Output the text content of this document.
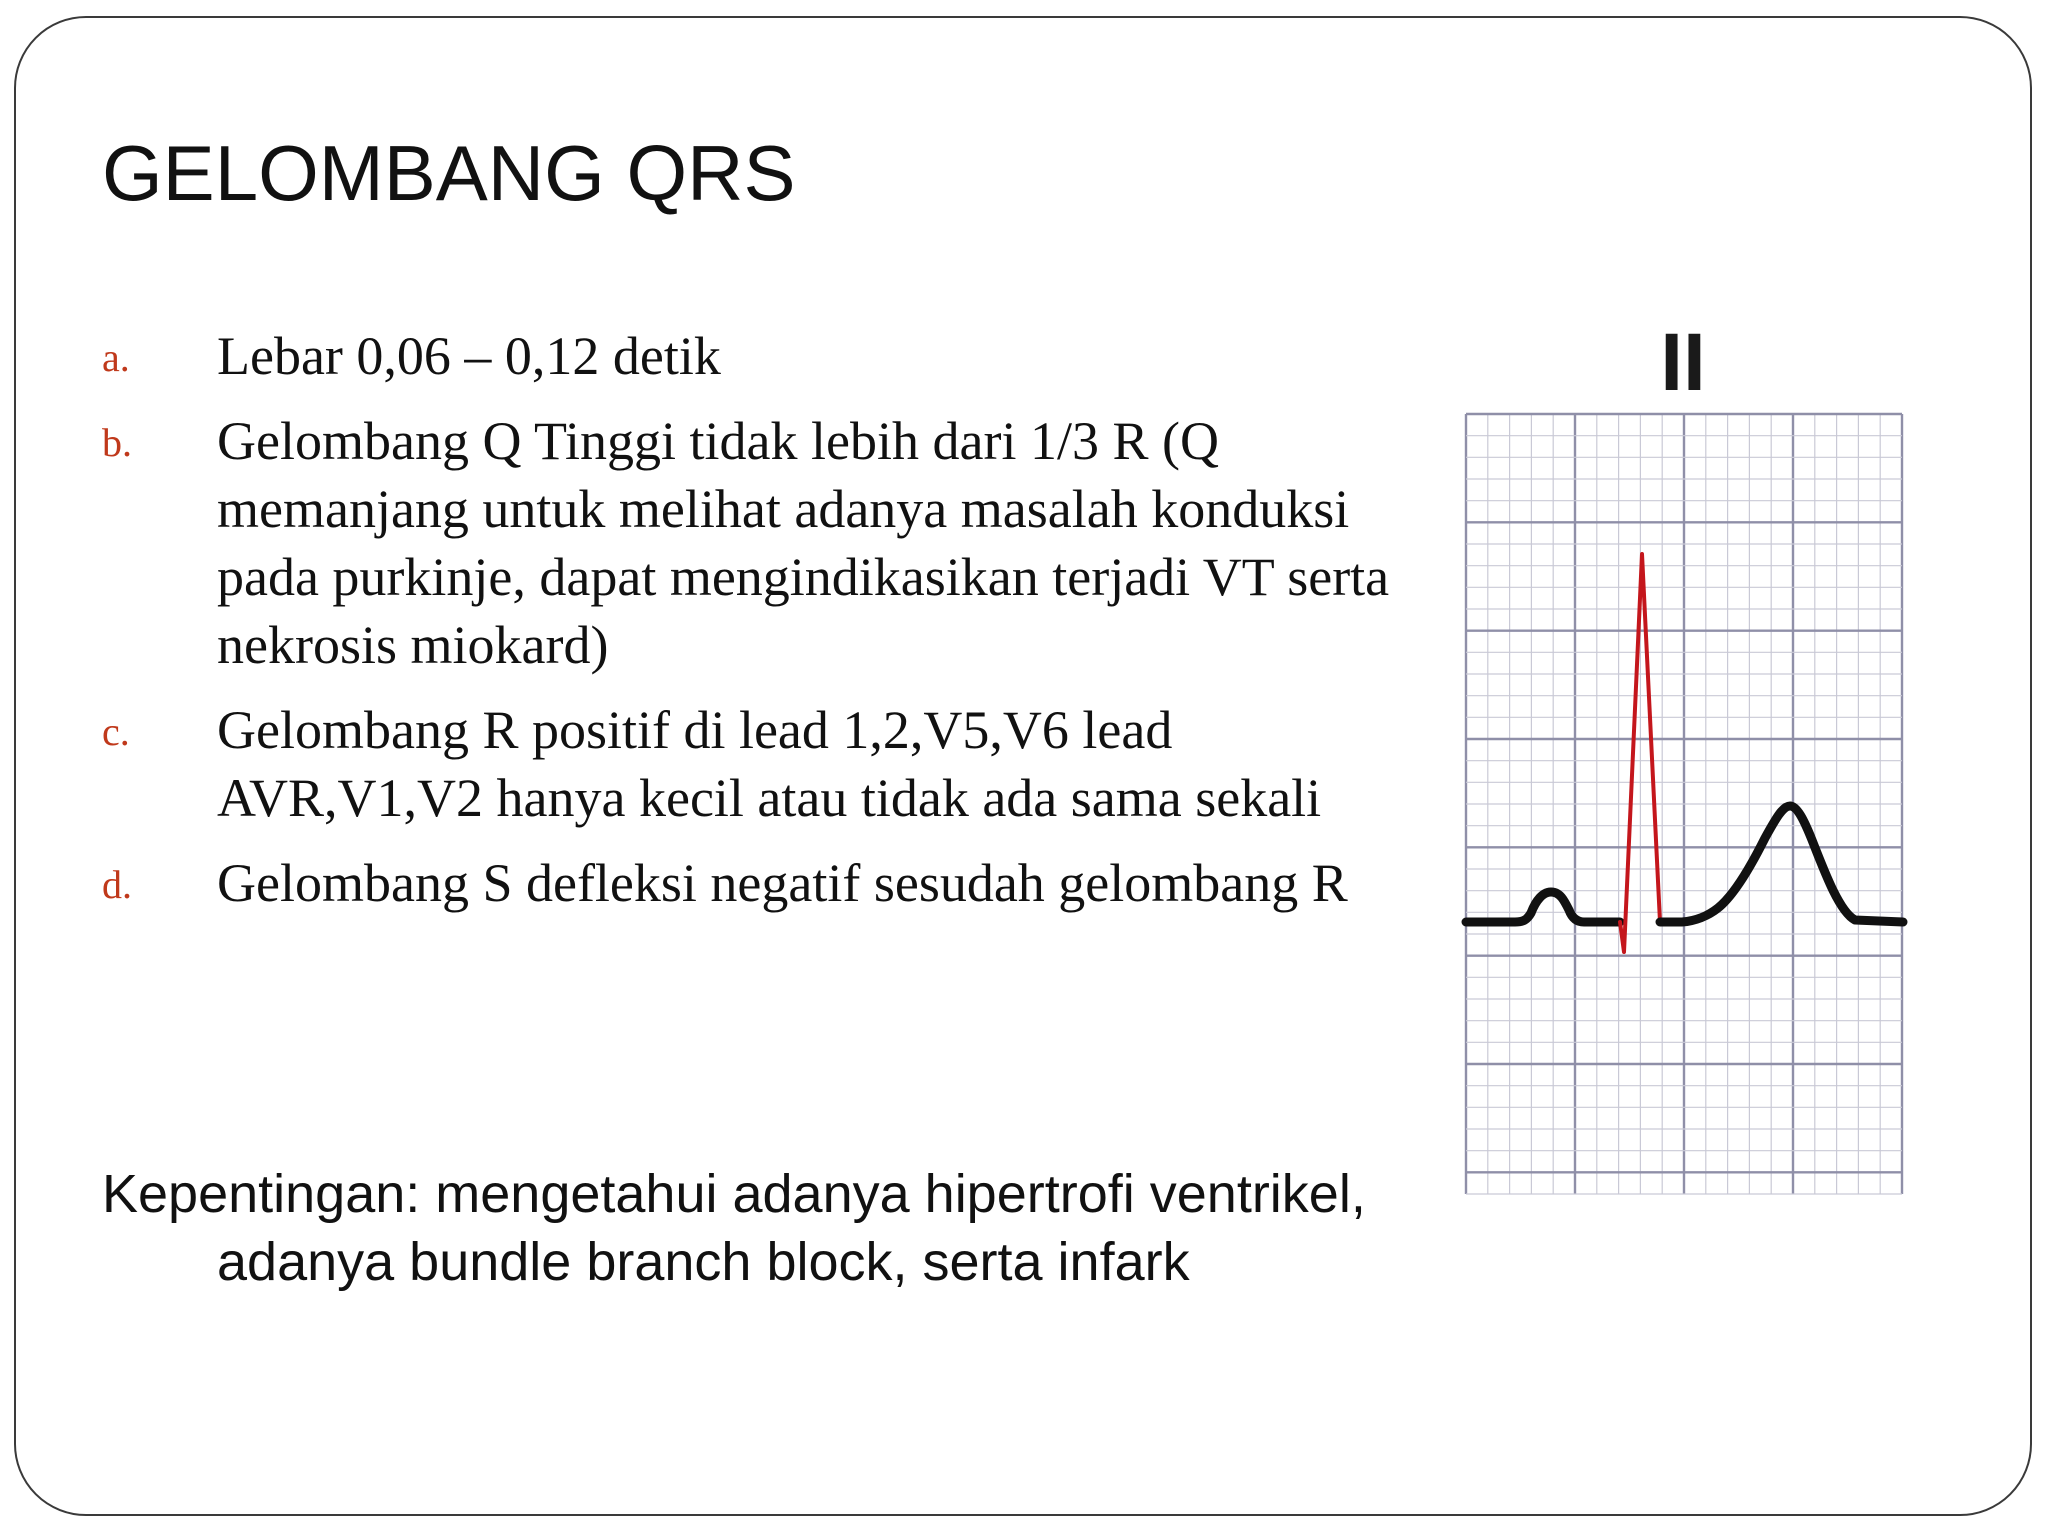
GELOMBANG QRS
a. Lebar 0,06 – 0,12 detik
b. Gelombang Q Tinggi tidak lebih dari 1/3 R (Q memanjang untuk melihat adanya masalah konduksi pada purkinje, dapat mengindikasikan terjadi VT serta nekrosis miokard)
c. Gelombang R positif di lead 1,2,V5,V6 lead AVR,V1,V2 hanya kecil atau tidak ada sama sekali
d. Gelombang S defleksi negatif sesudah gelombang R

Kepentingan: mengetahui adanya hipertrofi ventrikel, adanya bundle branch block, serta infark

II
